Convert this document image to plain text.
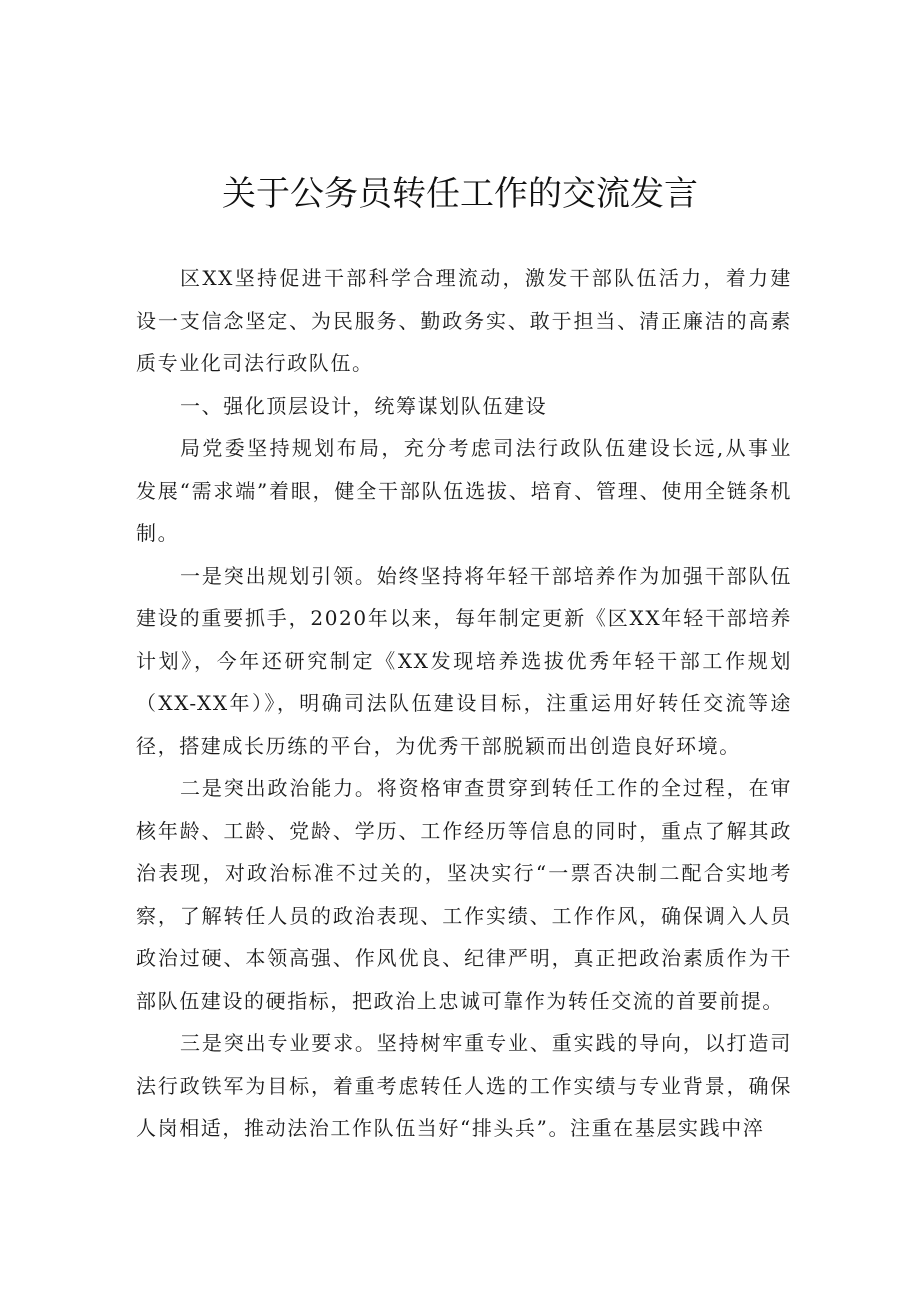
关于公务员转任工作的交流发言

区XX坚持促进干部科学合理流动，激发干部队伍活力，着力建设一支信念坚定、为民服务、勤政务实、敢于担当、清正廉洁的高素质专业化司法行政队伍。

一、强化顶层设计，统筹谋划队伍建设

局党委坚持规划布局，充分考虑司法行政队伍建设长远,从事业发展“需求端”着眼，健全干部队伍选拔、培育、管理、使用全链条机制。

一是突出规划引领。始终坚持将年轻干部培养作为加强干部队伍建设的重要抓手，2020年以来，每年制定更新《区XX年轻干部培养计划》，今年还研究制定《XX发现培养选拔优秀年轻干部工作规划（XX-XX年）》，明确司法队伍建设目标，注重运用好转任交流等途径，搭建成长历练的平台，为优秀干部脱颖而出创造良好环境。

二是突出政治能力。将资格审查贯穿到转任工作的全过程，在审核年龄、工龄、党龄、学历、工作经历等信息的同时，重点了解其政治表现，对政治标准不过关的，坚决实行“一票否决制二配合实地考察，了解转任人员的政治表现、工作实绩、工作作风，确保调入人员政治过硬、本领高强、作风优良、纪律严明，真正把政治素质作为干部队伍建设的硬指标，把政治上忠诚可靠作为转任交流的首要前提。

三是突出专业要求。坚持树牢重专业、重实践的导向，以打造司法行政铁军为目标，着重考虑转任人选的工作实绩与专业背景，确保人岗相适，推动法治工作队伍当好“排头兵”。注重在基层实践中淬
